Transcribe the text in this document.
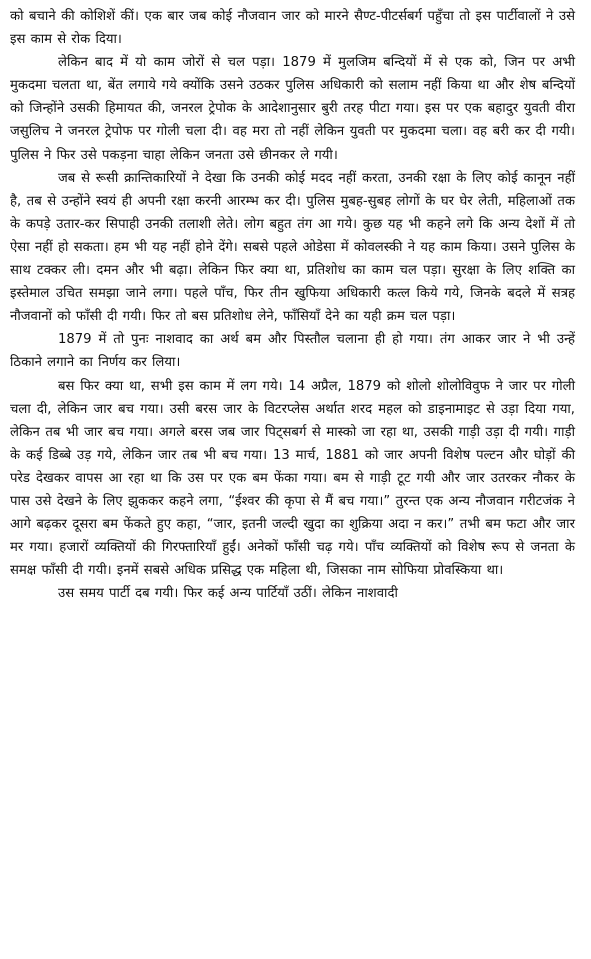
को बचाने की कोशिशें कीं। एक बार जब कोई नौजवान जार को मारने सैण्ट-पीटर्सबर्ग पहुँचा तो इस पार्टीवालों ने उसे इस काम से रोक दिया।

लेकिन बाद में यो काम जोरों से चल पड़ा। 1879 में मुलजिम बन्दियों में से एक को, जिन पर अभी मुकदमा चलता था, बेंत लगाये गये क्योंकि उसने उठकर पुलिस अधिकारी को सलाम नहीं किया था और शेष बन्दियों को जिन्होंने उसकी हिमायत की, जनरल ट्रेपोक के आदेशानुसार बुरी तरह पीटा गया। इस पर एक बहादुर युवती वीरा जसुलिच ने जनरल ट्रेपोफ पर गोली चला दी। वह मरा तो नहीं लेकिन युवती पर मुकदमा चला। वह बरी कर दी गयी। पुलिस ने फिर उसे पकड़ना चाहा लेकिन जनता उसे छीनकर ले गयी।

जब से रूसी क्रान्तिकारियों ने देखा कि उनकी कोई मदद नहीं करता, उनकी रक्षा के लिए कोई कानून नहीं है, तब से उन्होंने स्वयं ही अपनी रक्षा करनी आरम्भ कर दी। पुलिस मुबह-सुबह लोगों के घर घेर लेती, महिलाओं तक के कपड़े उतार-कर सिपाही उनकी तलाशी लेते। लोग बहुत तंग आ गये। कुछ यह भी कहने लगे कि अन्य देशों में तो ऐसा नहीं हो सकता। हम भी यह नहीं होने देंगे। सबसे पहले ओडेसा में कोवलस्की ने यह काम किया। उसने पुलिस के साथ टक्कर ली। दमन और भी बढ़ा। लेकिन फिर क्या था, प्रतिशोध का काम चल पड़ा। सुरक्षा के लिए शक्ति का इस्तेमाल उचित समझा जाने लगा। पहले पाँच, फिर तीन खुफिया अधिकारी कत्ल किये गये, जिनके बदले में सत्रह नौजवानों को फाँसी दी गयी। फिर तो बस प्रतिशोध लेने, फाँसियाँ देने का यही क्रम चल पड़ा।

1879 में तो पुनः नाशवाद का अर्थ बम और पिस्तौल चलाना ही हो गया। तंग आकर जार ने भी उन्हें ठिकाने लगाने का निर्णय कर लिया।

बस फिर क्या था, सभी इस काम में लग गये। 14 अप्रैल, 1879 को शोलो शोलोविवुफ ने जार पर गोली चला दी, लेकिन जार बच गया। उसी बरस जार के विटरप्लेस अर्थात शरद महल को डाइनामाइट से उड़ा दिया गया, लेकिन तब भी जार बच गया। अगले बरस जब जार पिट्सबर्ग से मास्को जा रहा था, उसकी गाड़ी उड़ा दी गयी। गाड़ी के कई डिब्बे उड़ गये, लेकिन जार तब भी बच गया। 13 मार्च, 1881 को जार अपनी विशेष पल्टन और घोड़ों की परेड देखकर वापस आ रहा था कि उस पर एक बम फेंका गया। बम से गाड़ी टूट गयी और जार उतरकर नौकर के पास उसे देखने के लिए झुककर कहने लगा, “ईश्वर की कृपा से मैं बच गया।” तुरन्त एक अन्य नौजवान गरीटजंक ने आगे बढ़कर दूसरा बम फेंकते हुए कहा, “जार, इतनी जल्दी खुदा का शुक्रिया अदा न कर।” तभी बम फटा और जार मर गया। हजारों व्यक्तियों की गिरफ्तारियाँ हुईं। अनेकों फाँसी चढ़ गये। पाँच व्यक्तियों को विशेष रूप से जनता के समक्ष फाँसी दी गयी। इनमें सबसे अधिक प्रसिद्ध एक महिला थी, जिसका नाम सोफिया प्रोवस्किया था।

उस समय पार्टी दब गयी। फिर कई अन्य पार्टियाँ उठीं। लेकिन नाशवादी
